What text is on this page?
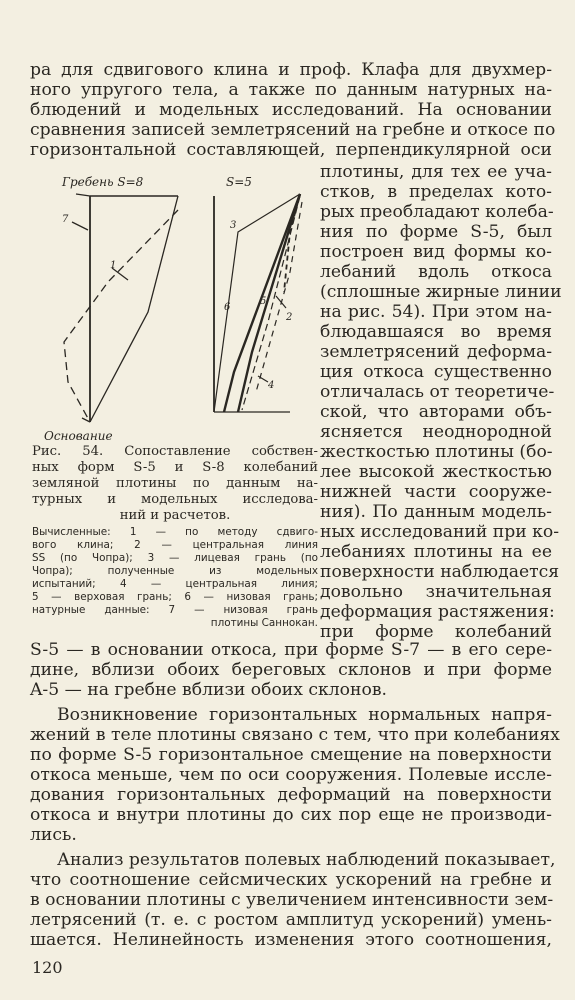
ра для сдвигового клина и проф. Клафа для двухмер-
ного упругого тела, а также по данным натурных на-
блюдений и модельных исследований. На основании
сравнения записей землетрясений на гребне и откосе по
горизонтальной составляющей, перпендикулярной оси
плотины, для тех ее уча-
стков, в пределах кото-
рых преобладают колеба-
ния по форме S-5, был
построен вид формы ко-
лебаний вдоль откоса
(сплошные жирные линии
на рис. 54). При этом на-
блюдавшаяся во время
землетрясений деформа-
ция откоса существенно
отличалась от теоретиче-
ской, что авторами объ-
ясняется неоднородной
жесткостью плотины (бо-
лее высокой жесткостью
нижней части сооруже-
ния). По данным модель-
ных исследований при ко-
лебаниях плотины на ее
поверхности наблюдается
довольно значительная
деформация растяжения:
при форме колебаний
Гребень S=8	S=5
Основание
7
1
3
6
5
2
4
Рис. 54. Сопоставление собствен-
ных форм S-5 и S-8 колебаний
земляной плотины по данным на-
турных и модельных исследова-
ний и расчетов.
Вычисленные: 1 — по методу сдвиго-
вого клина; 2 — центральная линия
SS (по Чопра); 3 — лицевая грань (по
Чопра); полученные из модельных
испытаний; 4 — центральная линия;
5 — верховая грань; 6 — низовая грань;
натурные данные: 7 — низовая грань
плотины Саннокан.
S-5 — в основании откоса, при форме S-7 — в его сере-
дине, вблизи обоих береговых склонов и при форме
A-5 — на гребне вблизи обоих склонов.
Возникновение горизонтальных нормальных напря-
жений в теле плотины связано с тем, что при колебаниях
по форме S-5 горизонтальное смещение на поверхности
откоса меньше, чем по оси сооружения. Полевые иссле-
дования горизонтальных деформаций на поверхности
откоса и внутри плотины до сих пор еще не производи-
лись.
Анализ результатов полевых наблюдений показывает,
что соотношение сейсмических ускорений на гребне и
в основании плотины с увеличением интенсивности зем-
летрясений (т. е. с ростом амплитуд ускорений) умень-
шается. Нелинейность изменения этого соотношения,
120
